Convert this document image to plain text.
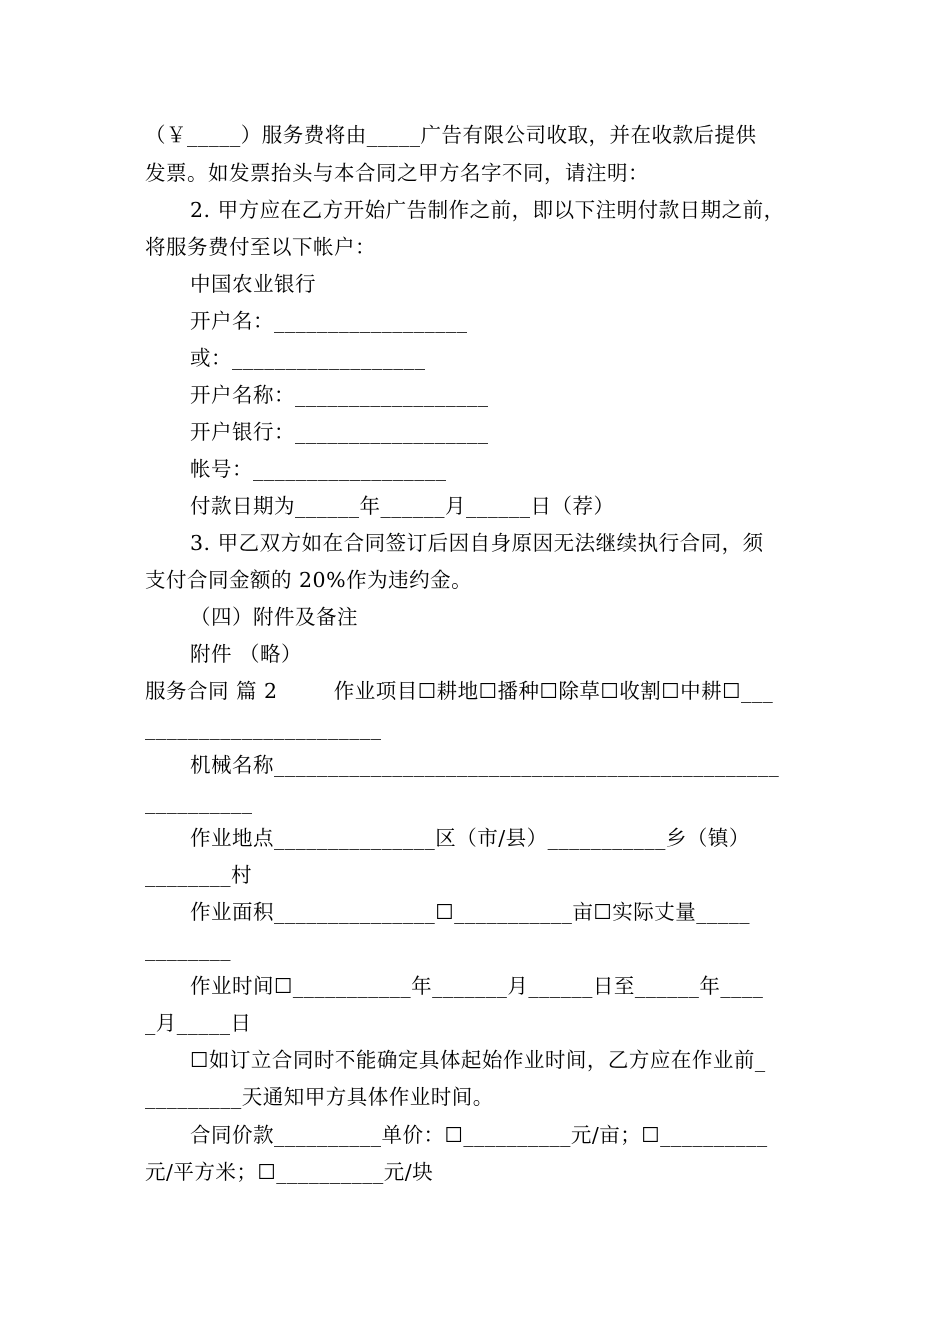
（￥_____）服务费将由_____广告有限公司收取，并在收款后提供
发票。如发票抬头与本合同之甲方名字不同，请注明：
2. 甲方应在乙方开始广告制作之前，即以下注明付款日期之前，
将服务费付至以下帐户：
中国农业银行
开户名：__________________
或：__________________
开户名称：__________________
开户银行：__________________
帐号：__________________
付款日期为______年______月______日（荐）
3. 甲乙双方如在合同签订后因自身原因无法继续执行合同，须
支付合同金额的 20%作为违约金。
（四）附件及备注
附件 （略）
服务合同 篇 2        作业项目☐耕地☐播种☐除草☐收割☐中耕☐___
______________________
机械名称_______________________________________________
__________
作业地点_______________区（市/县）___________乡（镇）
________村
作业面积_______________☐___________亩☐实际丈量_____
________
作业时间☐___________年_______月______日至______年____
_月_____日
☐如订立合同时不能确定具体起始作业时间，乙方应在作业前_
_________天通知甲方具体作业时间。
合同价款__________单价：☐__________元/亩；☐__________
元/平方米；☐__________元/块
